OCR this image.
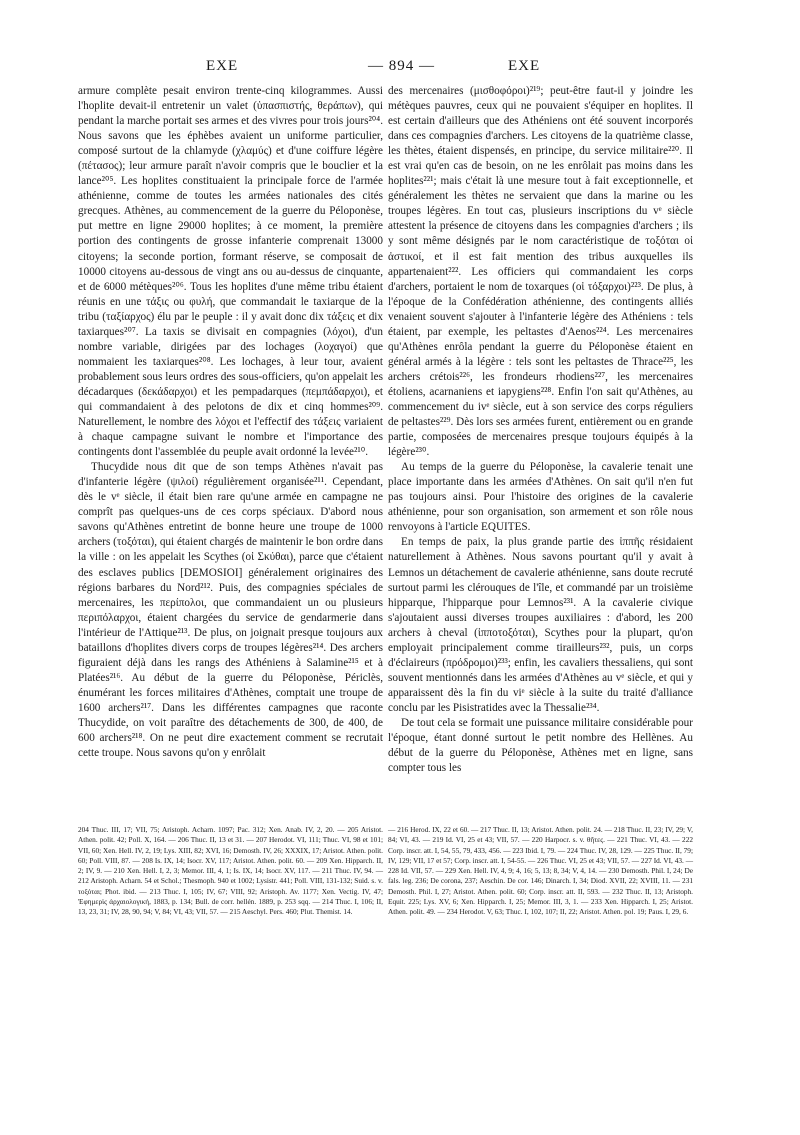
EXE	— 894 —	EXE

armure complète pesait environ trente-cinq kilogrammes. Aussi l'hoplite devait-il entretenir un valet (ὑπασπιστής, θεράπων), qui pendant la marche portait ses armes et des vivres pour trois jours²⁰⁴. Nous savons que les éphèbes avaient un uniforme particulier, composé surtout de la chlamyde (χλαμύς) et d'une coiffure légère (πέτασος); leur armure paraît n'avoir compris que le bouclier et la lance²⁰⁵. Les hoplites constituaient la principale force de l'armée athénienne, comme de toutes les armées nationales des cités grecques. Athènes, au commencement de la guerre du Péloponèse, put mettre en ligne 29000 hoplites; à ce moment, la première portion des contingents de grosse infanterie comprenait 13000 citoyens; la seconde portion, formant réserve, se composait de 10000 citoyens au-dessous de vingt ans ou au-dessus de cinquante, et de 6000 métèques²⁰⁶. Tous les hoplites d'une même tribu étaient réunis en une τάξις ou φυλή, que commandait le taxiarque de la tribu (ταξίαρχος) élu par le peuple : il y avait donc dix τάξεις et dix taxiarques²⁰⁷. La taxis se divisait en compagnies (λόχοι), d'un nombre variable, dirigées par des lochages (λοχαγοί) que nommaient les taxiarques²⁰⁸. Les lochages, à leur tour, avaient probablement sous leurs ordres des sous-officiers, qu'on appelait les décadarques (δεκάδαρχοι) et les pempadarques (πεμπάδαρχοι), et qui commandaient à des pelotons de dix et cinq hommes²⁰⁹. Naturellement, le nombre des λόχοι et l'effectif des τάξεις variaient à chaque campagne suivant le nombre et l'importance des contingents dont l'assemblée du peuple avait ordonné la levée²¹⁰.

Thucydide nous dit que de son temps Athènes n'avait pas d'infanterie légère (ψιλοί) régulièrement organisée²¹¹. Cependant, dès le vᵉ siècle, il était bien rare qu'une armée en campagne ne comprît pas quelques-uns de ces corps spéciaux. D'abord nous savons qu'Athènes entretint de bonne heure une troupe de 1000 archers (τοξόται), qui étaient chargés de maintenir le bon ordre dans la ville : on les appelait les Scythes (οἱ Σκύθαι), parce que c'étaient des esclaves publics [DEMOSIOI] généralement originaires des régions barbares du Nord²¹². Puis, des compagnies spéciales de mercenaires, les περίπολοι, que commandaient un ou plusieurs περιπόλαρχοι, étaient chargées du service de gendarmerie dans l'intérieur de l'Attique²¹³. De plus, on joignait presque toujours aux bataillons d'hoplites divers corps de troupes légères²¹⁴. Des archers figuraient déjà dans les rangs des Athéniens à Salamine²¹⁵ et à Platées²¹⁶. Au début de la guerre du Péloponèse, Périclès, énumérant les forces militaires d'Athènes, comptait une troupe de 1600 archers²¹⁷. Dans les différentes campagnes que raconte Thucydide, on voit paraître des détachements de 300, de 400, de 600 archers²¹⁸. On ne peut dire exactement comment se recrutait cette troupe. Nous savons qu'on y enrôlait

des mercenaires (μισθοφόροι)²¹⁹; peut-être faut-il y joindre les métèques pauvres, ceux qui ne pouvaient s'équiper en hoplites. Il est certain d'ailleurs que des Athéniens ont été souvent incorporés dans ces compagnies d'archers. Les citoyens de la quatrième classe, les thètes, étaient dispensés, en principe, du service militaire²²⁰. Il est vrai qu'en cas de besoin, on ne les enrôlait pas moins dans les hoplites²²¹; mais c'était là une mesure tout à fait exceptionnelle, et généralement les thètes ne servaient que dans la marine ou les troupes légères. En tout cas, plusieurs inscriptions du vᵉ siècle attestent la présence de citoyens dans les compagnies d'archers ; ils y sont même désignés par le nom caractéristique de τοξόται οἱ ἀστικοί, et il est fait mention des tribus auxquelles ils appartenaient²²². Les officiers qui commandaient les corps d'archers, portaient le nom de toxarques (οἱ τόξαρχοι)²²³. De plus, à l'époque de la Confédération athénienne, des contingents alliés venaient souvent s'ajouter à l'infanterie légère des Athéniens : tels étaient, par exemple, les peltastes d'Aenos²²⁴. Les mercenaires qu'Athènes enrôla pendant la guerre du Péloponèse étaient en général armés à la légère : tels sont les peltastes de Thrace²²⁵, les archers crétois²²⁶, les frondeurs rhodiens²²⁷, les mercenaires étoliens, acarnaniens et iapygiens²²⁸. Enfin l'on sait qu'Athènes, au commencement du ivᵉ siècle, eut à son service des corps réguliers de peltastes²²⁹. Dès lors ses armées furent, entièrement ou en grande partie, composées de mercenaires presque toujours équipés à la légère²³⁰.

Au temps de la guerre du Péloponèse, la cavalerie tenait une place importante dans les armées d'Athènes. On sait qu'il n'en fut pas toujours ainsi. Pour l'histoire des origines de la cavalerie athénienne, pour son organisation, son armement et son rôle nous renvoyons à l'article EQUITES.

En temps de paix, la plus grande partie des ἱππῆς résidaient naturellement à Athènes. Nous savons pourtant qu'il y avait à Lemnos un détachement de cavalerie athénienne, sans doute recruté surtout parmi les clérouques de l'île, et commandé par un troisième hipparque, l'hipparque pour Lemnos²³¹. A la cavalerie civique s'ajoutaient aussi diverses troupes auxiliaires : d'abord, les 200 archers à cheval (ἱπποτοξόται), Scythes pour la plupart, qu'on employait principalement comme tirailleurs²³², puis, un corps d'éclaireurs (πρόδρομοι)²³³; enfin, les cavaliers thessaliens, qui sont souvent mentionnés dans les armées d'Athènes au vᵉ siècle, et qui y apparaissent dès la fin du viᵉ siècle à la suite du traité d'alliance conclu par les Pisistratides avec la Thessalie²³⁴.

De tout cela se formait une puissance militaire considérable pour l'époque, étant donné surtout le petit nombre des Hellènes. Au début de la guerre du Péloponèse, Athènes met en ligne, sans compter tous les

204 Thuc. III, 17; VII, 75; Aristoph. Acharn. 1097; Pac. 312; Xen. Anab. IV, 2, 20. — 205 Aristot. Athen. polit. 42; Poll. X, 164. — 206 Thuc. II, 13 et 31. — 207 Herodot. VI, 111; Thuc. VI, 98 et 101; VII, 60; Xen. Hell. IV, 2, 19; Lys. XIII, 82; XVI, 16; Demosth. IV, 26; XXXIX, 17; Aristot. Athen. polit. 60; Poll. VIII, 87. — 208 Is. IX, 14; Isocr. XV, 117; Aristot. Athen. polit. 60. — 209 Xen. Hipparch. II, 2; IV, 9. — 210 Xen. Hell. I, 2, 3; Memor. III, 4, 1; Is. IX, 14; Isocr. XV, 117. — 211 Thuc. IV, 94. — 212 Aristoph. Acharn. 54 et Schol.; Thesmoph. 940 et 1002; Lysistr. 441; Poll. VIII, 131-132; Suid. s. v. τοξόται; Phot. ibid. — 213 Thuc. I, 105; IV, 67; VIII, 92; Aristoph. Av. 1177; Xen. Vectig. IV, 47; Ἐφημερὶς ἀρχαιολογική, 1883, p. 134; Bull. de corr. hellén. 1889, p. 253 sqq. — 214 Thuc. I, 106; II, 13, 23, 31; IV, 28, 90, 94; V, 84; VI, 43; VII, 57. — 215 Aeschyl. Pers. 460; Plut. Themist. 14.
— 216 Herod. IX, 22 et 60. — 217 Thuc. II, 13; Aristot. Athen. polit. 24. — 218 Thuc. II, 23; IV, 29; V, 84; VI, 43. — 219 Id. VI, 25 et 43; VII, 57. — 220 Harpocr. s. v. θῆτες. — 221 Thuc. VI, 43. — 222 Corp. inscr. att. I, 54, 55, 79, 433, 456. — 223 Ibid. I, 79. — 224 Thuc. IV, 28, 129. — 225 Thuc. II, 79; IV, 129; VII, 17 et 57; Corp. inscr. att. I, 54-55. — 226 Thuc. VI, 25 et 43; VII, 57. — 227 Id. VI, 43. — 228 Id. VII, 57. — 229 Xen. Hell. IV, 4, 9; 4, 16; 5, 13; 8, 34; V, 4, 14. — 230 Demosth. Phil. I, 24; De fals. leg. 236; De corona, 237; Aeschin. De cor. 146; Dinarch. I, 34; Diod. XVII, 22; XVIII, 11. — 231 Demosth. Phil. I, 27; Aristot. Athen. polit. 60; Corp. inscr. att. II, 593. — 232 Thuc. II, 13; Aristoph. Equit. 225; Lys. XV, 6; Xen. Hipparch. I, 25; Memor. III, 3, 1. — 233 Xen. Hipparch. I, 25; Aristot. Athen. polit. 49. — 234 Herodot. V, 63; Thuc. I, 102, 107; II, 22; Aristot. Athen. pol. 19; Paus. I, 29, 6.
